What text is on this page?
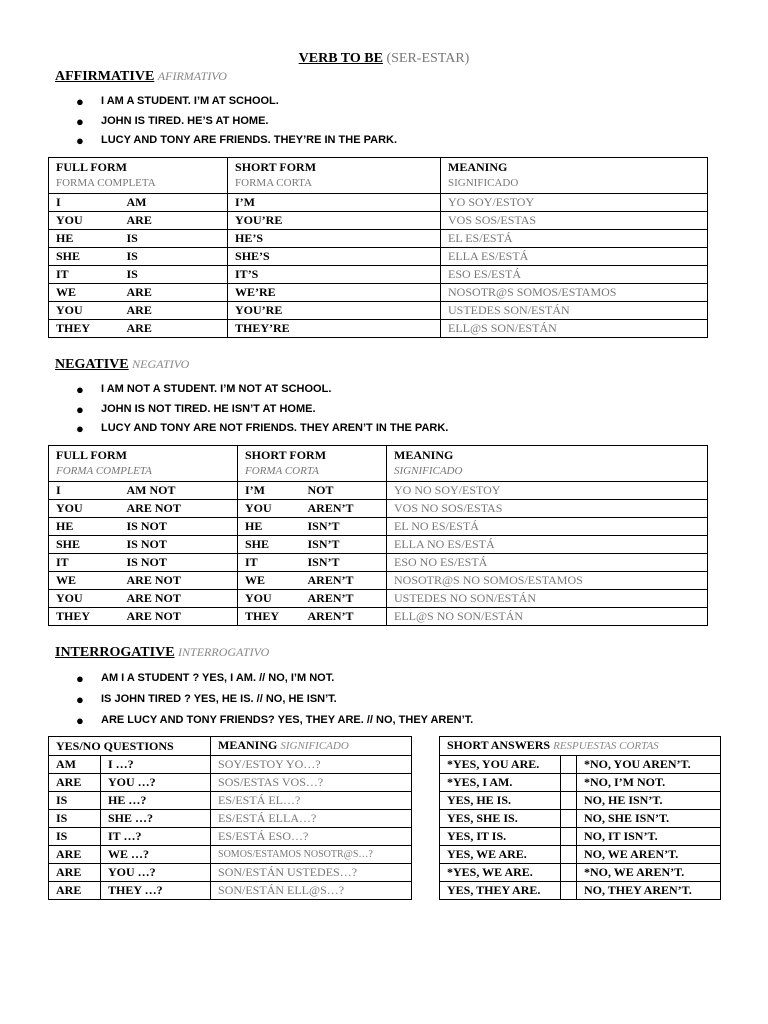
VERB TO BE (SER-ESTAR)
AFFIRMATIVE AFIRMATIVO
● I AM A STUDENT. I’M AT SCHOOL.
● JOHN IS TIRED. HE’S AT HOME.
● LUCY AND TONY ARE FRIENDS. THEY’RE IN THE PARK.
FULL FORM
FORMA COMPLETA		SHORT FORM
FORMA CORTA	MEANING
SIGNIFICADO

I	AM	I’M	YO SOY/ESTOY
YOU	ARE	YOU’RE	VOS SOS/ESTAS
HE	IS	HE’S	EL ES/ESTÁ
SHE	IS	SHE’S	ELLA ES/ESTÁ
IT	IS	IT’S	ESO ES/ESTÁ
WE	ARE	WE’RE	NOSOTR@S SOMOS/ESTAMOS
YOU	ARE	YOU’RE	USTEDES SON/ESTÁN
THEY	ARE	THEY’RE	ELL@S SON/ESTÁN
NEGATIVE NEGATIVO
● I AM NOT A STUDENT. I’M NOT AT SCHOOL.
● JOHN IS NOT TIRED. HE ISN’T AT HOME.
● LUCY AND TONY ARE NOT FRIENDS. THEY AREN’T IN THE PARK.
FULL FORM
FORMA COMPLETA		SHORT FORM
FORMA CORTA		MEANING
SIGNIFICADO

I	AM NOT	I’M	NOT	YO NO SOY/ESTOY
YOU	ARE NOT	YOU	AREN’T	VOS NO SOS/ESTAS
HE	IS NOT	HE	ISN’T	EL NO ES/ESTÁ
SHE	IS NOT	SHE	ISN’T	ELLA NO ES/ESTÁ
IT	IS NOT	IT	ISN’T	ESO NO ES/ESTÁ
WE	ARE NOT	WE	AREN’T	NOSOTR@S NO SOMOS/ESTAMOS
YOU	ARE NOT	YOU	AREN’T	USTEDES NO SON/ESTÁN
THEY	ARE NOT	THEY	AREN’T	ELL@S NO SON/ESTÁN
INTERROGATIVE INTERROGATIVO
● AM I A STUDENT ? YES, I AM. // NO, I’M NOT.
● IS JOHN TIRED ? YES, HE IS. // NO, HE ISN’T.
● ARE LUCY AND TONY FRIENDS? YES, THEY ARE. // NO, THEY AREN’T.
YES/NO QUESTIONS		MEANING SIGNIFICADO
AM	I …?	SOY/ESTOY YO…?
ARE	YOU …?	SOS/ESTAS VOS…?
IS	HE …?	ES/ESTÁ EL…?
IS	SHE …?	ES/ESTÁ ELLA…?
IS	IT …?	ES/ESTÁ ESO…?
ARE	WE …?	SOMOS/ESTAMOS NOSOTR@S…?
ARE	YOU …?	SON/ESTÁN USTEDES…?
ARE	THEY …?	SON/ESTÁN ELL@S…?
SHORT ANSWERS RESPUESTAS CORTAS		
*YES, YOU ARE.		*NO, YOU AREN’T.
*YES, I AM.		*NO, I’M NOT.
YES, HE IS.		NO, HE ISN’T.
YES, SHE IS.		NO, SHE ISN’T.
YES, IT IS.		NO, IT ISN’T.
YES, WE ARE.		NO, WE AREN’T.
*YES, WE ARE.		*NO, WE AREN’T.
YES, THEY ARE.		NO, THEY AREN’T.
